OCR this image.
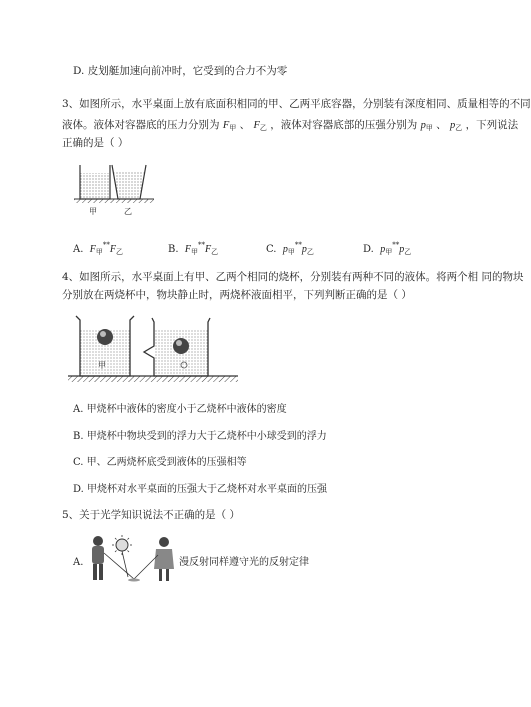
D. 皮划艇加速向前冲时，它受到的合力不为零
3、如图所示，水平桌面上放有底面积相同的甲、乙两平底容器，分别装有深度相同、质量相等的不同
液体。液体对容器底的压力分别为 $F_甲$ 、 $F_乙$ ，液体对容器底部的压强分别为 $p_甲$ 、 $p_乙$ ，下列说法
正确的是（ ）
甲	乙
A. $F_甲^{**}F_乙$	B. $F_甲^{**}F_乙$	C. $p_甲^{**}p_乙$	D. $p_甲^{**}p_乙$
4、如图所示，水平桌面上有甲、乙两个相同的烧杯，分别装有两种不同的液体。将两个相 同的物块
分别放在两烧杯中，物块静止时，两烧杯液面相平，下列判断正确的是（ ）
甲
A. 甲烧杯中液体的密度小于乙烧杯中液体的密度
B. 甲烧杯中物块受到的浮力大于乙烧杯中小球受到的浮力
C. 甲、乙两烧杯底受到液体的压强相等
D. 甲烧杯对水平桌面的压强大于乙烧杯对水平桌面的压强
5、关于光学知识说法不正确的是（ ）
A.	漫反射同样遵守光的反射定律
